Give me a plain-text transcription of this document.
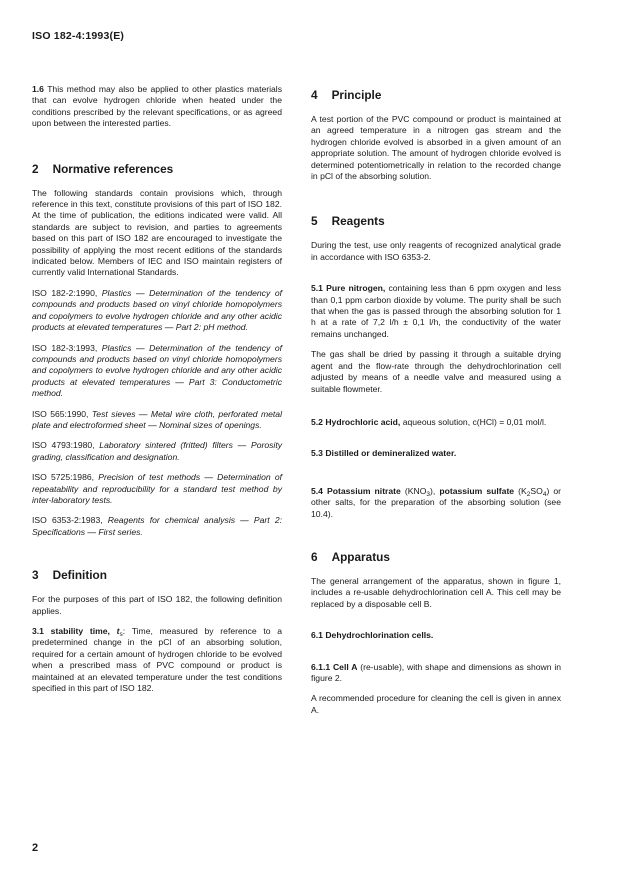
ISO 182-4:1993(E)

1.6 This method may also be applied to other plastics materials that can evolve hydrogen chloride when heated under the conditions prescribed by the relevant specifications, or as agreed upon between the interested parties.

2 Normative references

The following standards contain provisions which, through reference in this text, constitute provisions of this part of ISO 182. At the time of publication, the editions indicated were valid. All standards are subject to revision, and parties to agreements based on this part of ISO 182 are encouraged to investigate the possibility of applying the most recent editions of the standards indicated below. Members of IEC and ISO maintain registers of currently valid International Standards.

ISO 182-2:1990, Plastics — Determination of the tendency of compounds and products based on vinyl chloride homopolymers and copolymers to evolve hydrogen chloride and any other acidic products at elevated temperatures — Part 2: pH method.

ISO 182-3:1993, Plastics — Determination of the tendency of compounds and products based on vinyl chloride homopolymers and copolymers to evolve hydrogen chloride and any other acidic products at elevated temperatures — Part 3: Conductometric method.

ISO 565:1990, Test sieves — Metal wire cloth, perforated metal plate and electroformed sheet — Nominal sizes of openings.

ISO 4793:1980, Laboratory sintered (fritted) filters — Porosity grading, classification and designation.

ISO 5725:1986, Precision of test methods — Determination of repeatability and reproducibility for a standard test method by inter-laboratory tests.

ISO 6353-2:1983, Reagents for chemical analysis — Part 2: Specifications — First series.

3 Definition

For the purposes of this part of ISO 182, the following definition applies.

3.1 stability time, $t_s$: Time, measured by reference to a predetermined change in the pCl of an absorbing solution, required for a certain amount of hydrogen chloride to be evolved when a prescribed mass of PVC compound or product is maintained at an elevated temperature under the test conditions specified in this part of ISO 182.

4 Principle

A test portion of the PVC compound or product is maintained at an agreed temperature in a nitrogen gas stream and the hydrogen chloride evolved is absorbed in a given amount of an appropriate solution. The amount of hydrogen chloride evolved is determined potentiometrically in relation to the recorded change in pCl of the absorbing solution.

5 Reagents

During the test, use only reagents of recognized analytical grade in accordance with ISO 6353-2.

5.1 Pure nitrogen, containing less than 6 ppm oxygen and less than 0,1 ppm carbon dioxide by volume. The purity shall be such that when the gas is passed through the absorbing solution for 1 h at a rate of 7,2 l/h ± 0,1 l/h, the conductivity of the water remains unchanged.

The gas shall be dried by passing it through a suitable drying agent and the flow-rate through the dehydrochlorination cell adjusted by means of a needle valve and measured using a suitable flowmeter.

5.2 Hydrochloric acid, aqueous solution, c(HCl) = 0,01 mol/l.

5.3 Distilled or demineralized water.

5.4 Potassium nitrate $(KNO_3)$, potassium sulfate $(K_2SO_4)$ or other salts, for the preparation of the absorbing solution (see 10.4).

6 Apparatus

The general arrangement of the apparatus, shown in figure 1, includes a re-usable dehydrochlorination cell A. This cell may be replaced by a disposable cell B.

6.1 Dehydrochlorination cells.

6.1.1 Cell A (re-usable), with shape and dimensions as shown in figure 2.

A recommended procedure for cleaning the cell is given in annex A.

2
